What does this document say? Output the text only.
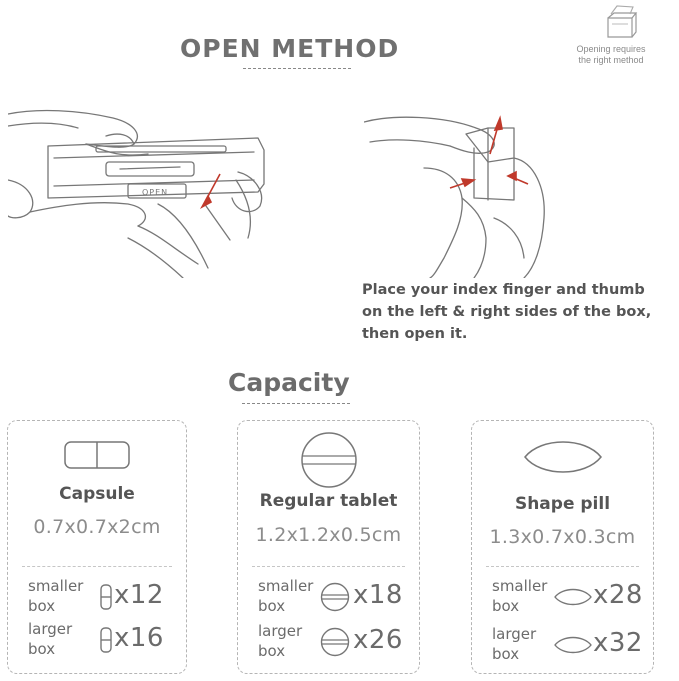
OPEN METHOD	Opening requires
the right method
OPEN
Place your index finger and thumb
on the left & right sides of the box,
then open it.
Capacity
Capsule
0.7x0.7x2cm
smaller
box	x12
larger
box	x16
Regular tablet
1.2x1.2x0.5cm
smaller
box	x18
larger
box	x26
Shape pill
1.3x0.7x0.3cm
smaller
box	x28
larger
box	x32
